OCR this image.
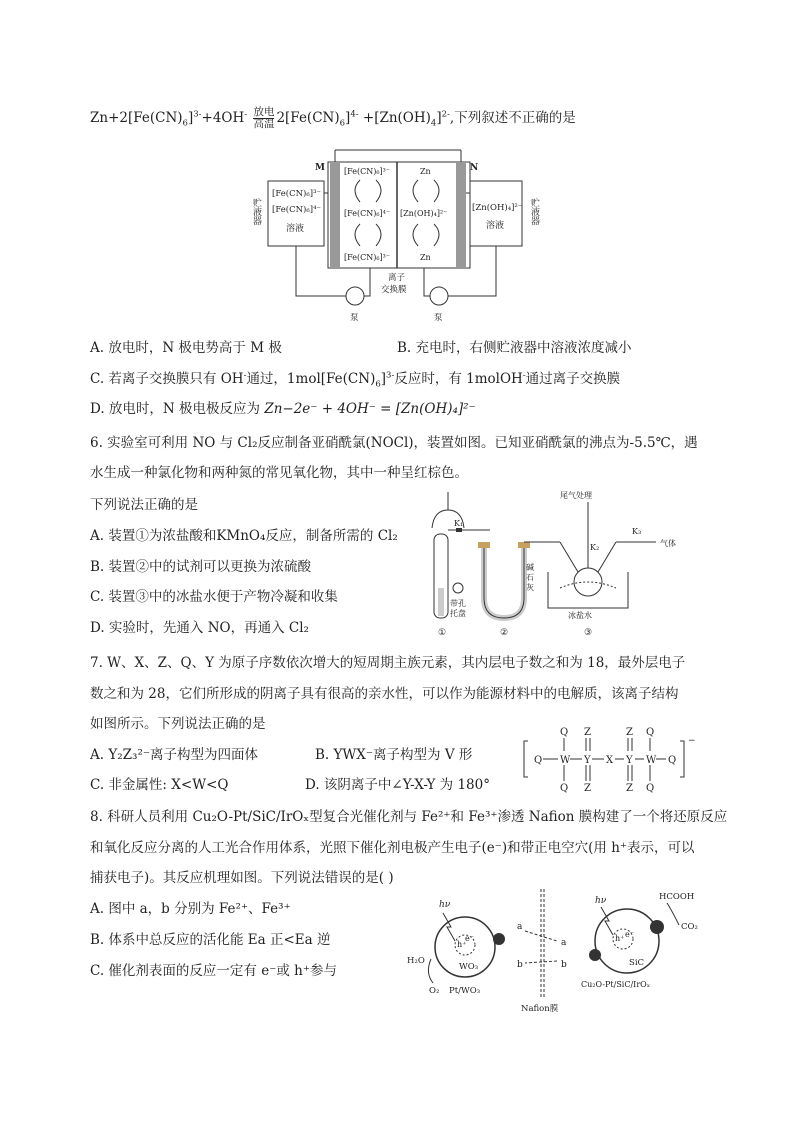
$Zn+2[Fe(CN)_6]^{3-}+4OH^- \frac{\text{放电}}{\text{高温}} 2[Fe(CN)_6]^{4-} +[Zn(OH)_4]^{2-}$,下列叙述不正确的是
贮液器	贮液器
[Fe(CN)₆]³⁻
[Fe(CN)₆]⁴⁻
溶液
[Zn(OH)₄]²⁻
溶液
M	N
[Fe(CN)₆]³⁻
[Fe(CN)₆]⁴⁻
[Fe(CN)₆]³⁻
Zn
[Zn(OH)₄]²⁻
Zn
离子
交换膜
泵	泵
A. 放电时，N 极电势高于 M 极	B. 充电时，右侧贮液器中溶液浓度减小
C. 若离子交换膜只有 OH-通过，$1mol[Fe(CN)_6]^{3-}$反应时，有 1molOH-通过离子交换膜
D. 放电时，N 极电极反应为 Zn−2e⁻ + 4OH⁻ = [Zn(OH)₄]²⁻
6. 实验室可利用 NO 与 Cl₂反应制备亚硝酰氯(NOCl)，装置如图。已知亚硝酰氯的沸点为-5.5℃，遇
水生成一种氯化物和两种氮的常见氧化物，其中一种呈红棕色。
下列说法正确的是
A. 装置①为浓盐酸和KMnO₄反应，制备所需的 Cl₂
B. 装置②中的试剂可以更换为浓硫酸
C. 装置③中的冰盐水便于产物冷凝和收集
D. 实验时，先通入 NO，再通入 Cl₂
带孔
托盘
K₁
碱
石
灰
尾气处理
K₂
K₃
气体
冰盐水
①	②	③
7. W、X、Z、Q、Y 为原子序数依次增大的短周期主族元素，其内层电子数之和为 18，最外层电子
数之和为 28，它们所形成的阴离子具有很高的亲水性，可以作为能源材料中的电解质，该离子结构
如图所示。下列说法正确的是
A. Y₂Z₃²⁻离子构型为四面体	B. YWX⁻离子构型为 V 形
C. 非金属性: X<W<Q	D. 该阴离子中∠Y-X-Y 为 180°
−
Q W Y X Y W Q
Q Z	Z Q
Q Z	Z Q
8. 科研人员利用 Cu₂O-Pt/SiC/IrOₓ型复合光催化剂与 Fe²⁺和 Fe³⁺渗透 Nafion 膜构建了一个将还原反应
和氧化反应分离的人工光合作用体系，光照下催化剂电极产生电子(e⁻)和带正电空穴(用 h⁺表示，可以
捕获电子)。其反应机理如图。下列说法错误的是( )
A. 图中 a，b 分别为 Fe²⁺、Fe³⁺
B. 体系中总反应的活化能 Ea 正<Ea 逆
C. 催化剂表面的反应一定有 e⁻或 h⁺参与
h⁺
e⁻
hν
WO₃
H₂O
O₂ Pt/WO₃
a
b
a
b
Nafion膜
h⁺ e⁻
hν
SiC
HCOOH
CO₂
Cu₂O-Pt/SiC/IrOₓ
